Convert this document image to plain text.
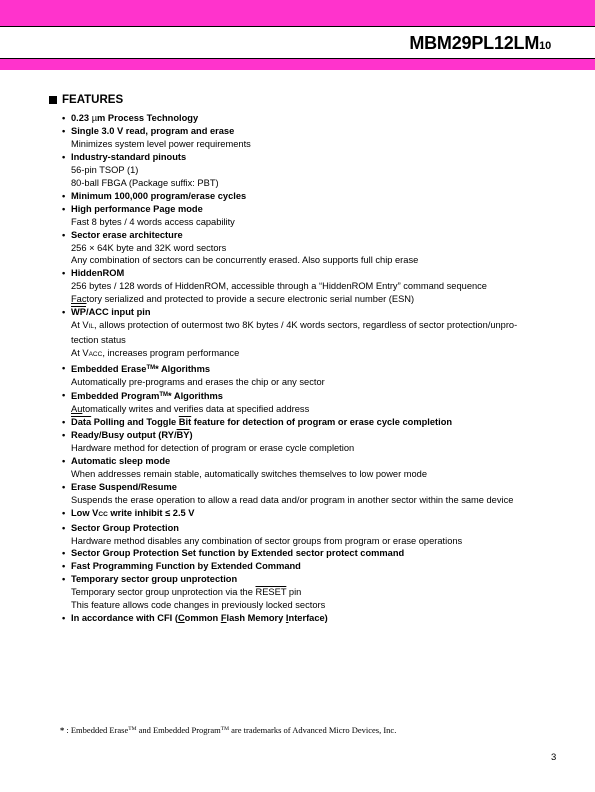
MBM29PL12LM10
FEATURES
• 0.23 µm Process Technology
• Single 3.0 V read, program and erase
Minimizes system level power requirements
• Industry-standard pinouts
56-pin TSOP (1)
80-ball FBGA (Package suffix: PBT)
• Minimum 100,000 program/erase cycles
• High performance Page mode
Fast 8 bytes / 4 words access capability
• Sector erase architecture
256 × 64K byte and 32K word sectors
Any combination of sectors can be concurrently erased. Also supports full chip erase
• HiddenROM
256 bytes / 128 words of HiddenROM, accessible through a “HiddenROM Entry” command sequence
Factory serialized and protected to provide a secure electronic serial number (ESN)
• $\overline{WP}$/ACC input pin
At VIL, allows protection of outermost two 8K bytes / 4K words sectors, regardless of sector protection/unpro-
tection status
At VACC, increases program performance
• Embedded Erase™* Algorithms
Automatically pre-programs and erases the chip or any sector
• Embedded Program™* Algorithms
Automatically writes and verifies data at specified address
• Data Polling and Toggle $\overline{Bit}$ feature for detection of program or erase cycle completion
• Ready/Busy output $(RY/\overline{BY})$
Hardware method for detection of program or erase cycle completion
• Automatic sleep mode
When addresses remain stable, automatically switches themselves to low power mode
• Erase Suspend/Resume
Suspends the erase operation to allow a read data and/or program in another sector within the same device
• Low VCC write inhibit ≤ 2.5 V
• Sector Group Protection
Hardware method disables any combination of sector groups from program or erase operations
• Sector Group Protection Set function by Extended sector protect command
• Fast Programming Function by Extended Command
• Temporary sector group unprotection
Temporary sector group unprotection via the RESET pin
This feature allows code changes in previously locked sectors
• In accordance with CFI (Common Flash Memory Interface)
* : Embedded Erase™ and Embedded Program™ are trademarks of Advanced Micro Devices, Inc.
3
